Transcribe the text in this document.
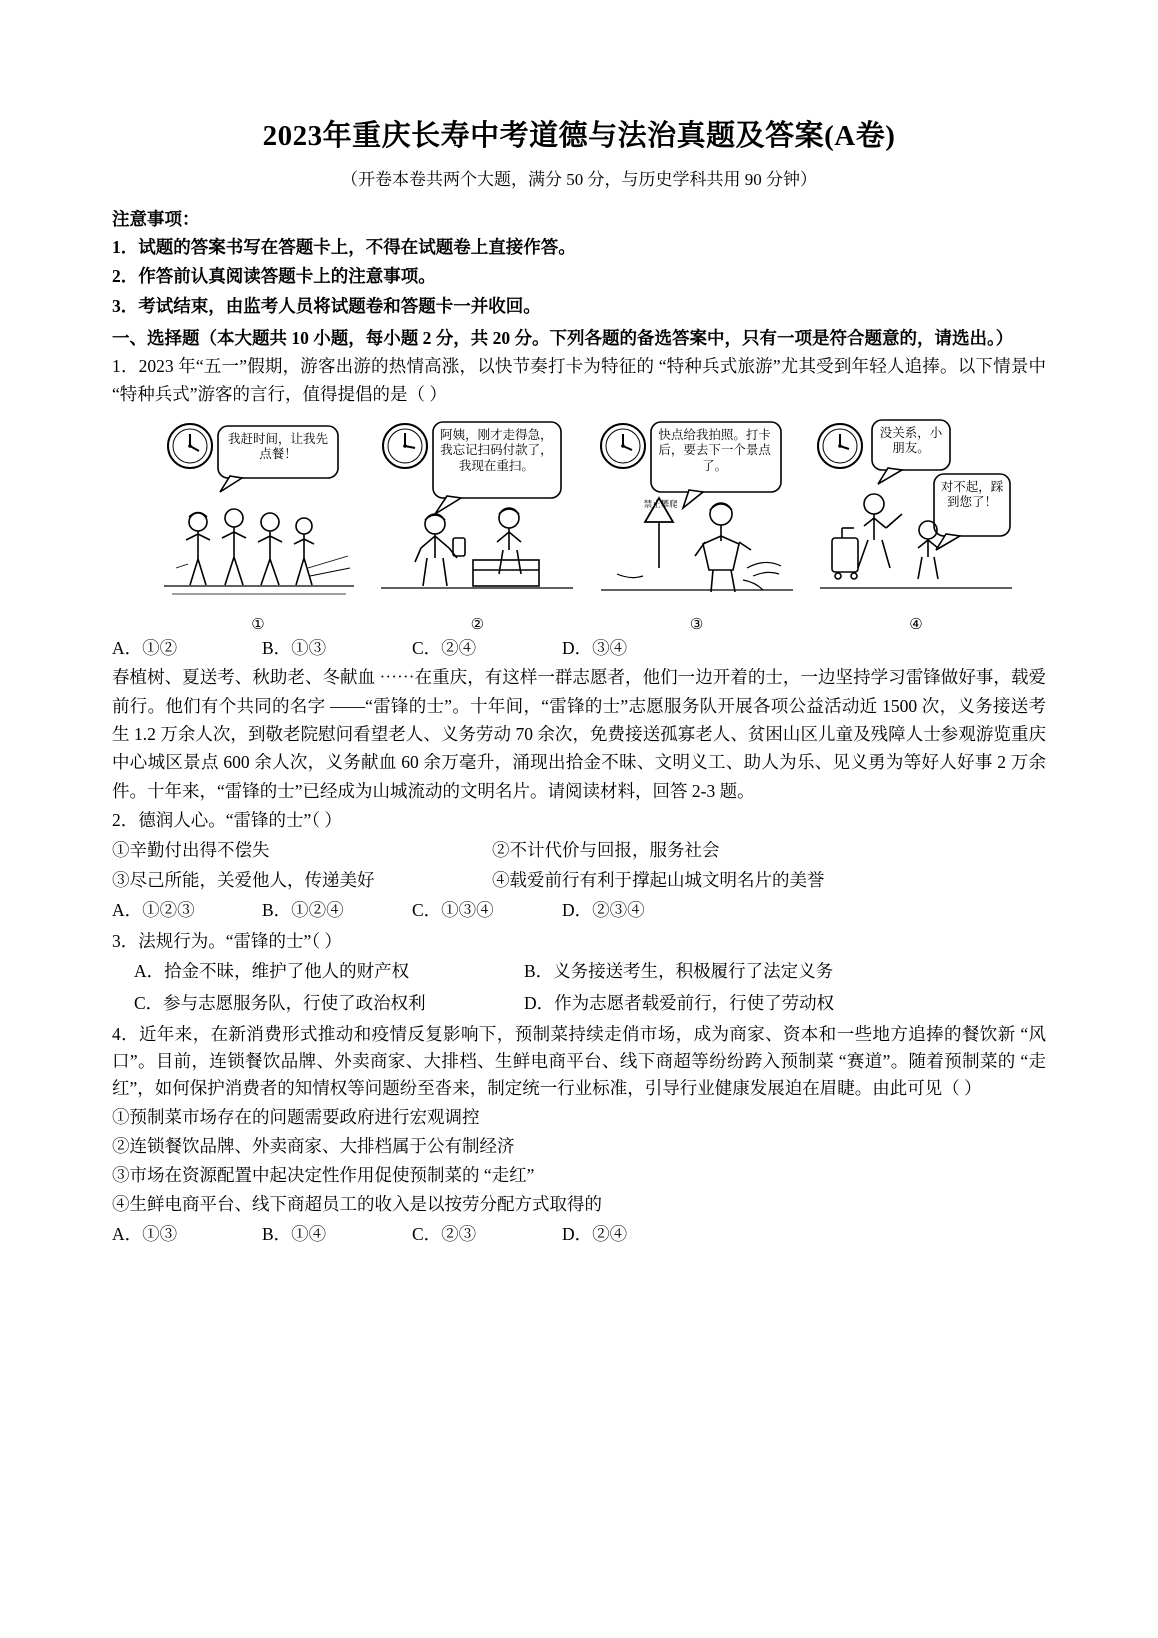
2023年重庆长寿中考道德与法治真题及答案(A卷)
（开卷本卷共两个大题，满分 50 分，与历史学科共用 90 分钟）
注意事项：
1．试题的答案书写在答题卡上，不得在试题卷上直接作答。
2．作答前认真阅读答题卡上的注意事项。
3．考试结束，由监考人员将试题卷和答题卡一并收回。
一、选择题（本大题共 10 小题，每小题 2 分，共 20 分。下列各题的备选答案中，只有一项是符合题意的，请选出。）
1．2023 年“五一”假期，游客出游的热情高涨，以快节奏打卡为特征的 “特种兵式旅游”尤其受到年轻人追捧。以下情景中 “特种兵式”游客的言行，值得提倡的是（ ）
我赶时间，让我先点餐！
①
阿姨，刚才走得急，我忘记扫码付款了，我现在重扫。
②
快点给我拍照。打卡后，要去下一个景点了。
禁止攀爬
③
没关系，小朋友。
对不起，踩到您了！
④
A．①②	B．①③	C．②④	D．③④
春植树、夏送考、秋助老、冬献血 ⋯⋯在重庆，有这样一群志愿者，他们一边开着的士，一边坚持学习雷锋做好事，载爱前行。他们有个共同的名字 ——“雷锋的士”。十年间，“雷锋的士”志愿服务队开展各项公益活动近 1500 次，义务接送考生 1.2 万余人次，到敬老院慰问看望老人、义务劳动 70 余次，免费接送孤寡老人、贫困山区儿童及残障人士参观游览重庆中心城区景点 600 余人次，义务献血 60 余万毫升，涌现出拾金不昧、文明义工、助人为乐、见义勇为等好人好事 2 万余件。十年来，“雷锋的士”已经成为山城流动的文明名片。请阅读材料，回答 2-3 题。
2．德润人心。“雷锋的士”（ ）
①辛勤付出得不偿失	②不计代价与回报，服务社会
③尽己所能，关爱他人，传递美好	④载爱前行有利于撑起山城文明名片的美誉
A．①②③	B．①②④	C．①③④	D．②③④
3．法规行为。“雷锋的士”（ ）
A．拾金不昧，维护了他人的财产权	B．义务接送考生，积极履行了法定义务
C．参与志愿服务队，行使了政治权利	D．作为志愿者载爱前行，行使了劳动权
4．近年来，在新消费形式推动和疫情反复影响下，预制菜持续走俏市场，成为商家、资本和一些地方追捧的餐饮新 “风口”。目前，连锁餐饮品牌、外卖商家、大排档、生鲜电商平台、线下商超等纷纷跨入预制菜 “赛道”。随着预制菜的 “走红”，如何保护消费者的知情权等问题纷至沓来，制定统一行业标准，引导行业健康发展迫在眉睫。由此可见（ ）
①预制菜市场存在的问题需要政府进行宏观调控
②连锁餐饮品牌、外卖商家、大排档属于公有制经济
③市场在资源配置中起决定性作用促使预制菜的 “走红”
④生鲜电商平台、线下商超员工的收入是以按劳分配方式取得的
A．①③	B．①④	C．②③	D．②④
